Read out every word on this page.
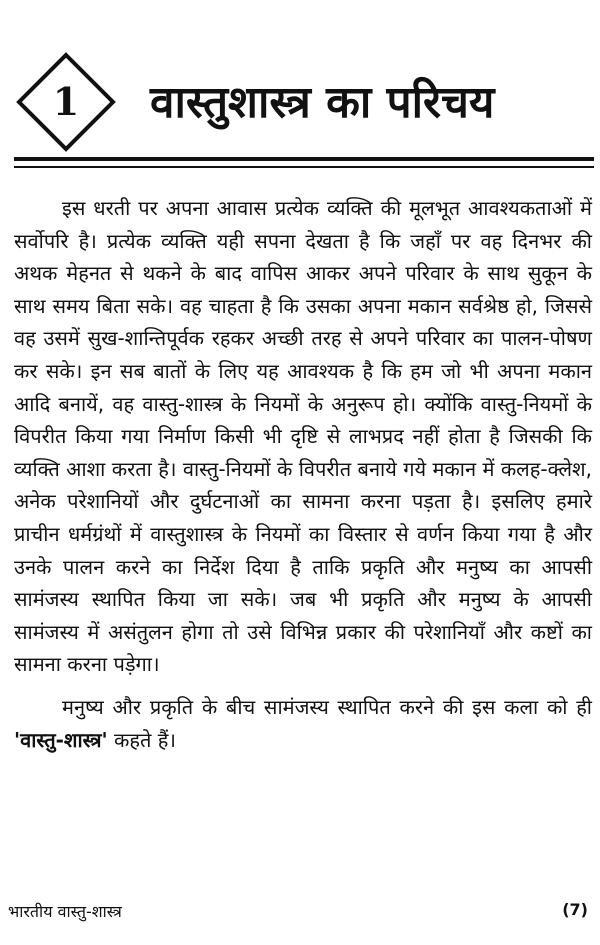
1	वास्तुशास्त्र का परिचय

इस धरती पर अपना आवास प्रत्येक व्यक्ति की मूलभूत आवश्यकताओं में सर्वोपरि है। प्रत्येक व्यक्ति यही सपना देखता है कि जहाँ पर वह दिनभर की अथक मेहनत से थकने के बाद वापिस आकर अपने परिवार के साथ सुकून के साथ समय बिता सके। वह चाहता है कि उसका अपना मकान सर्वश्रेष्ठ हो, जिससे वह उसमें सुख-शान्तिपूर्वक रहकर अच्छी तरह से अपने परिवार का पालन-पोषण कर सके। इन सब बातों के लिए यह आवश्यक है कि हम जो भी अपना मकान आदि बनायें, वह वास्तु-शास्त्र के नियमों के अनुरूप हो। क्योंकि वास्तु-नियमों के विपरीत किया गया निर्माण किसी भी दृष्टि से लाभप्रद नहीं होता है जिसकी कि व्यक्ति आशा करता है। वास्तु-नियमों के विपरीत बनाये गये मकान में कलह-क्लेश, अनेक परेशानियों और दुर्घटनाओं का सामना करना पड़ता है। इसलिए हमारे प्राचीन धर्मग्रंथों में वास्तुशास्त्र के नियमों का विस्तार से वर्णन किया गया है और उनके पालन करने का निर्देश दिया है ताकि प्रकृति और मनुष्य का आपसी सामंजस्य स्थापित किया जा सके। जब भी प्रकृति और मनुष्य के आपसी सामंजस्य में असंतुलन होगा तो उसे विभिन्न प्रकार की परेशानियाँ और कष्टों का सामना करना पड़ेगा।

मनुष्य और प्रकृति के बीच सामंजस्य स्थापित करने की इस कला को ही 'वास्तु-शास्त्र' कहते हैं।

भारतीय वास्तु-शास्त्र	(7)
